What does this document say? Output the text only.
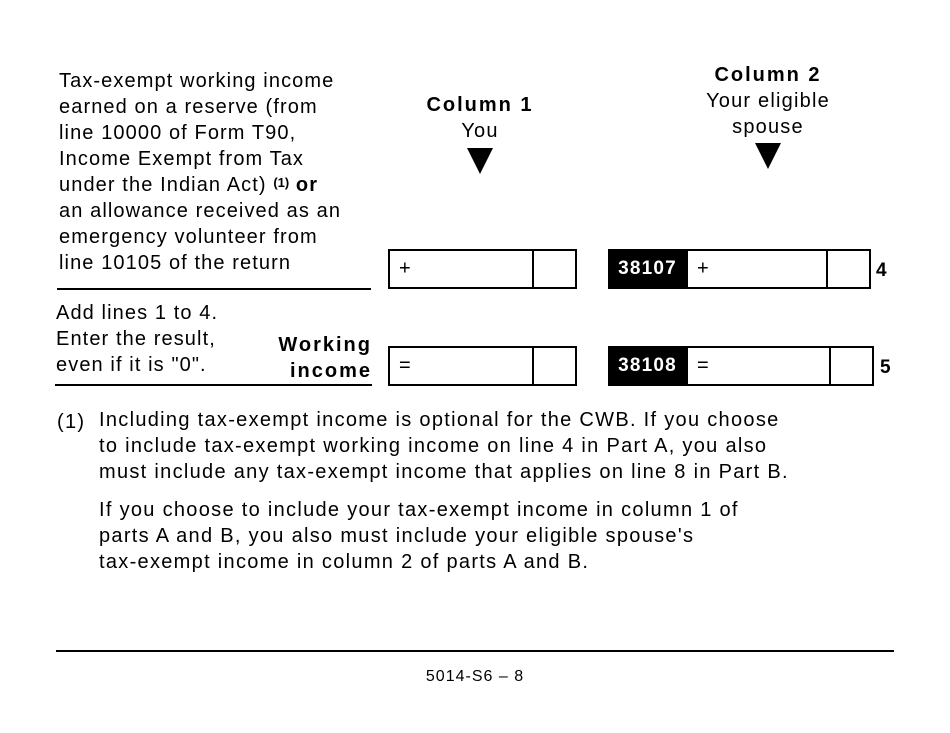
Tax-exempt working income
earned on a reserve (from
line 10000 of Form T90,
Income Exempt from Tax
under the Indian Act) $^{(1)}$ or
an allowance received as an
emergency volunteer from
line 10105 of the return
Column 1
You
Column 2
Your eligible
spouse
+	38107	+	4
Add lines 1 to 4.
Enter the result,
even if it is "0".
Working
income =	38108	=	5
(1) Including tax-exempt income is optional for the CWB. If you choose
to include tax-exempt working income on line 4 in Part A, you also
must include any tax-exempt income that applies on line 8 in Part B.
If you choose to include your tax-exempt income in column 1 of
parts A and B, you also must include your eligible spouse's
tax-exempt income in column 2 of parts A and B.
5014-S6 – 8
